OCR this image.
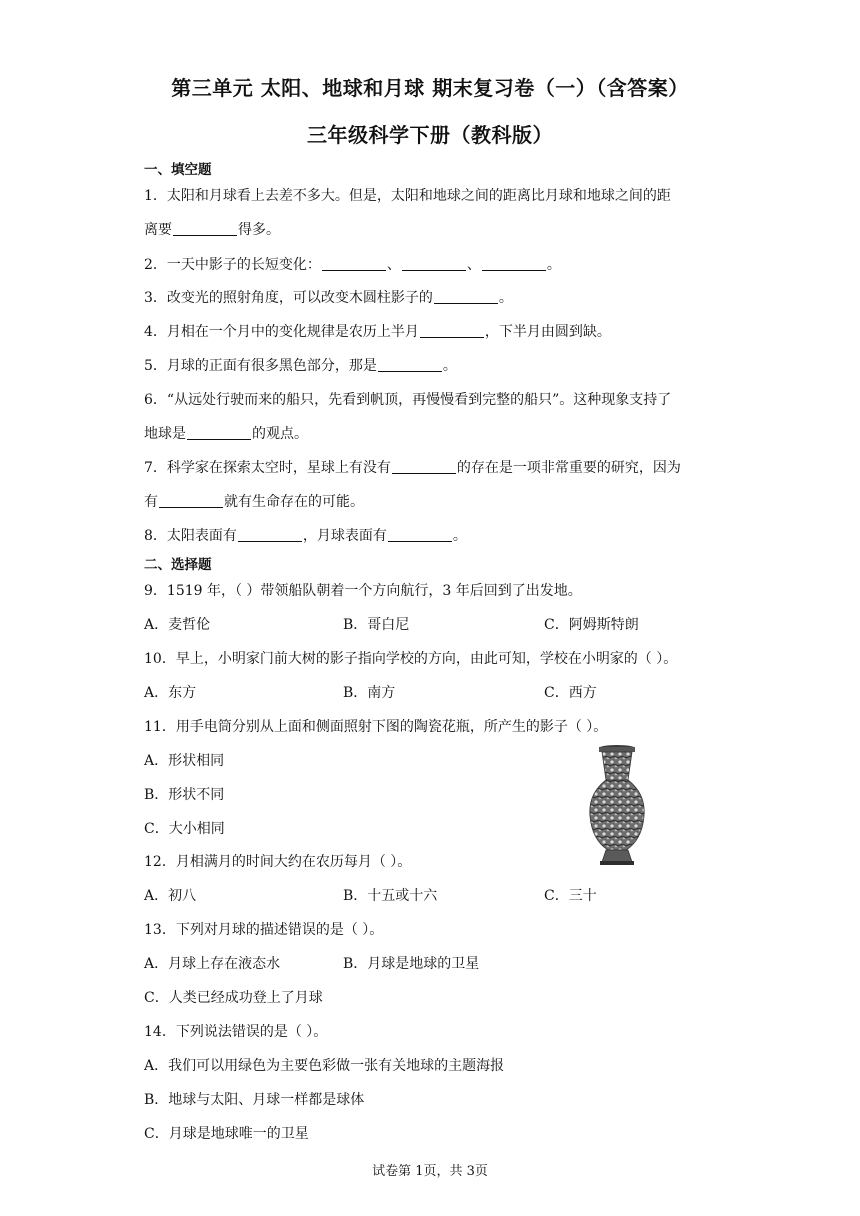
第三单元 太阳、地球和月球 期末复习卷（一）（含答案）
三年级科学下册（教科版）
一、填空题
1．太阳和月球看上去差不多大。但是，太阳和地球之间的距离比月球和地球之间的距
离要	得多。
2．一天中影子的长短变化：	、	、	。
3．改变光的照射角度，可以改变木圆柱影子的	。
4．月相在一个月中的变化规律是农历上半月	，下半月由圆到缺。
5．月球的正面有很多黑色部分，那是	。
6．“从远处行驶而来的船只，先看到帆顶，再慢慢看到完整的船只”。这种现象支持了
地球是	的观点。
7．科学家在探索太空时，星球上有没有	的存在是一项非常重要的研究，因为
有	就有生命存在的可能。
8．太阳表面有	，月球表面有	。
二、选择题
9．1519 年，（ ）带领船队朝着一个方向航行，3 年后回到了出发地。
A．麦哲伦	B．哥白尼	C．阿姆斯特朗
10．早上，小明家门前大树的影子指向学校的方向，由此可知，学校在小明家的（ ）。
A．东方	B．南方	C．西方
11．用手电筒分别从上面和侧面照射下图的陶瓷花瓶，所产生的影子（ ）。
A．形状相同
B．形状不同
C．大小相同
12．月相满月的时间大约在农历每月（ ）。
A．初八	B．十五或十六	C．三十
13．下列对月球的描述错误的是（ ）。
A．月球上存在液态水	B．月球是地球的卫星
C．人类已经成功登上了月球
14．下列说法错误的是（ ）。
A．我们可以用绿色为主要色彩做一张有关地球的主题海报
B．地球与太阳、月球一样都是球体
C．月球是地球唯一的卫星
试卷第 1页，共 3页
